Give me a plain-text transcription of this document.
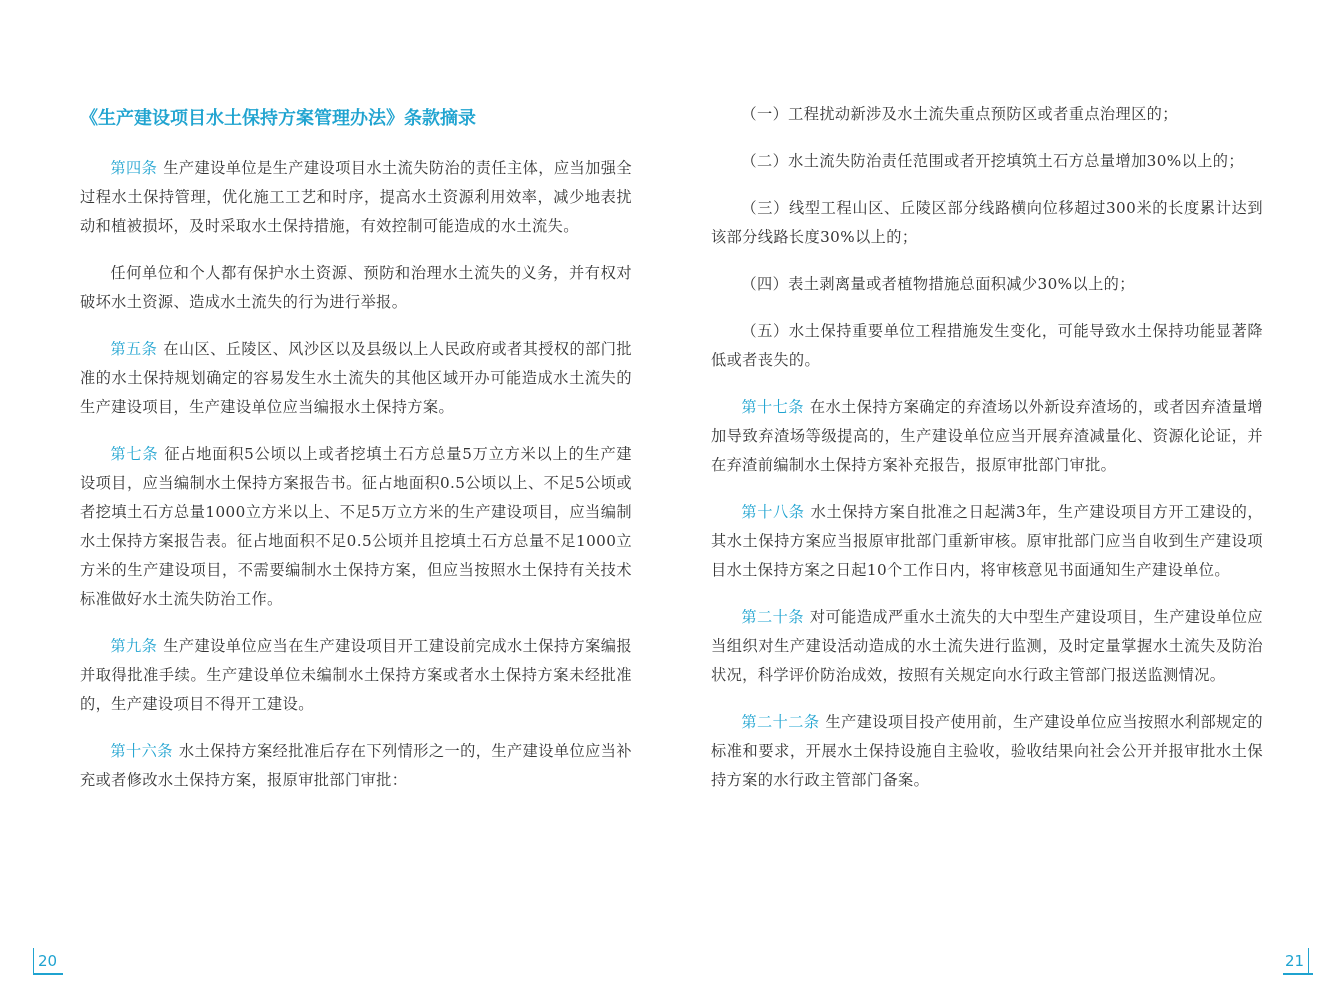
《生产建设项目水土保持方案管理办法》条款摘录

第四条 生产建设单位是生产建设项目水土流失防治的责任主体，应当加强全过程水土保持管理，优化施工工艺和时序，提高水土资源利用效率，减少地表扰动和植被损坏，及时采取水土保持措施，有效控制可能造成的水土流失。

任何单位和个人都有保护水土资源、预防和治理水土流失的义务，并有权对破坏水土资源、造成水土流失的行为进行举报。

第五条 在山区、丘陵区、风沙区以及县级以上人民政府或者其授权的部门批准的水土保持规划确定的容易发生水土流失的其他区域开办可能造成水土流失的生产建设项目，生产建设单位应当编报水土保持方案。

第七条 征占地面积5公顷以上或者挖填土石方总量5万立方米以上的生产建设项目，应当编制水土保持方案报告书。征占地面积0.5公顷以上、不足5公顷或者挖填土石方总量1000立方米以上、不足5万立方米的生产建设项目，应当编制水土保持方案报告表。征占地面积不足0.5公顷并且挖填土石方总量不足1000立方米的生产建设项目，不需要编制水土保持方案，但应当按照水土保持有关技术标准做好水土流失防治工作。

第九条 生产建设单位应当在生产建设项目开工建设前完成水土保持方案编报并取得批准手续。生产建设单位未编制水土保持方案或者水土保持方案未经批准的，生产建设项目不得开工建设。

第十六条 水土保持方案经批准后存在下列情形之一的，生产建设单位应当补充或者修改水土保持方案，报原审批部门审批：

（一）工程扰动新涉及水土流失重点预防区或者重点治理区的；

（二）水土流失防治责任范围或者开挖填筑土石方总量增加30%以上的；

（三）线型工程山区、丘陵区部分线路横向位移超过300米的长度累计达到该部分线路长度30%以上的；

（四）表土剥离量或者植物措施总面积减少30%以上的；

（五）水土保持重要单位工程措施发生变化，可能导致水土保持功能显著降低或者丧失的。

第十七条 在水土保持方案确定的弃渣场以外新设弃渣场的，或者因弃渣量增加导致弃渣场等级提高的，生产建设单位应当开展弃渣减量化、资源化论证，并在弃渣前编制水土保持方案补充报告，报原审批部门审批。

第十八条 水土保持方案自批准之日起满3年，生产建设项目方开工建设的，其水土保持方案应当报原审批部门重新审核。原审批部门应当自收到生产建设项目水土保持方案之日起10个工作日内，将审核意见书面通知生产建设单位。

第二十条 对可能造成严重水土流失的大中型生产建设项目，生产建设单位应当组织对生产建设活动造成的水土流失进行监测，及时定量掌握水土流失及防治状况，科学评价防治成效，按照有关规定向水行政主管部门报送监测情况。

第二十二条 生产建设项目投产使用前，生产建设单位应当按照水利部规定的标准和要求，开展水土保持设施自主验收，验收结果向社会公开并报审批水土保持方案的水行政主管部门备案。

20	21
